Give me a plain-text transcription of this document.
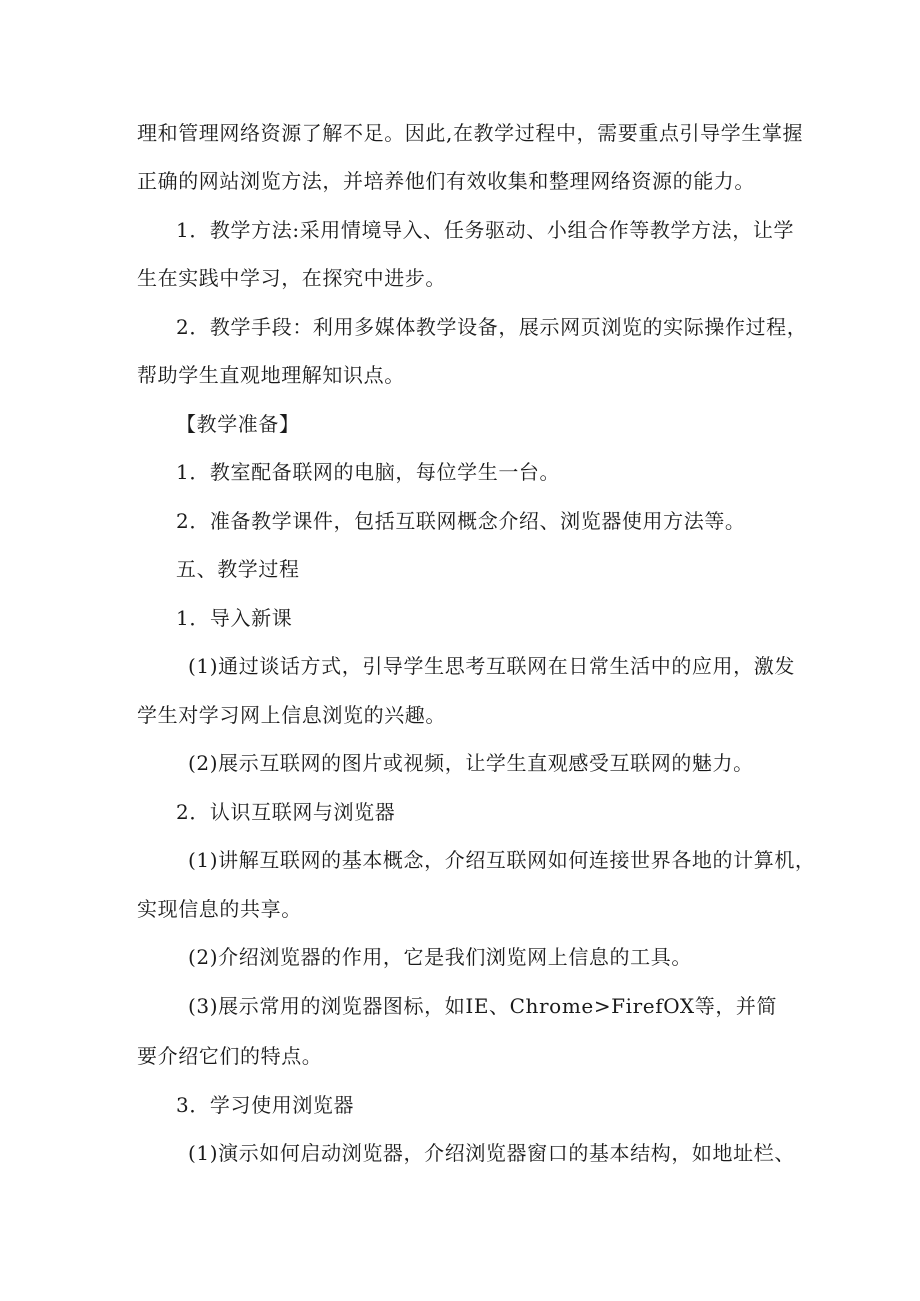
理和管理网络资源了解不足。因此,在教学过程中，需要重点引导学生掌握

正确的网站浏览方法，并培养他们有效收集和整理网络资源的能力。

1．教学方法:采用情境导入、任务驱动、小组合作等教学方法，让学

生在实践中学习，在探究中进步。

2．教学手段：利用多媒体教学设备，展示网页浏览的实际操作过程，

帮助学生直观地理解知识点。

【教学准备】

1．教室配备联网的电脑，每位学生一台。

2．准备教学课件，包括互联网概念介绍、浏览器使用方法等。

五、教学过程

1．导入新课

(1)通过谈话方式，引导学生思考互联网在日常生活中的应用，激发

学生对学习网上信息浏览的兴趣。

(2)展示互联网的图片或视频，让学生直观感受互联网的魅力。

2．认识互联网与浏览器

(1)讲解互联网的基本概念，介绍互联网如何连接世界各地的计算机，

实现信息的共享。

(2)介绍浏览器的作用，它是我们浏览网上信息的工具。

(3)展示常用的浏览器图标，如IE、Chrome>FirefOX等，并简

要介绍它们的特点。

3．学习使用浏览器

(1)演示如何启动浏览器，介绍浏览器窗口的基本结构，如地址栏、
